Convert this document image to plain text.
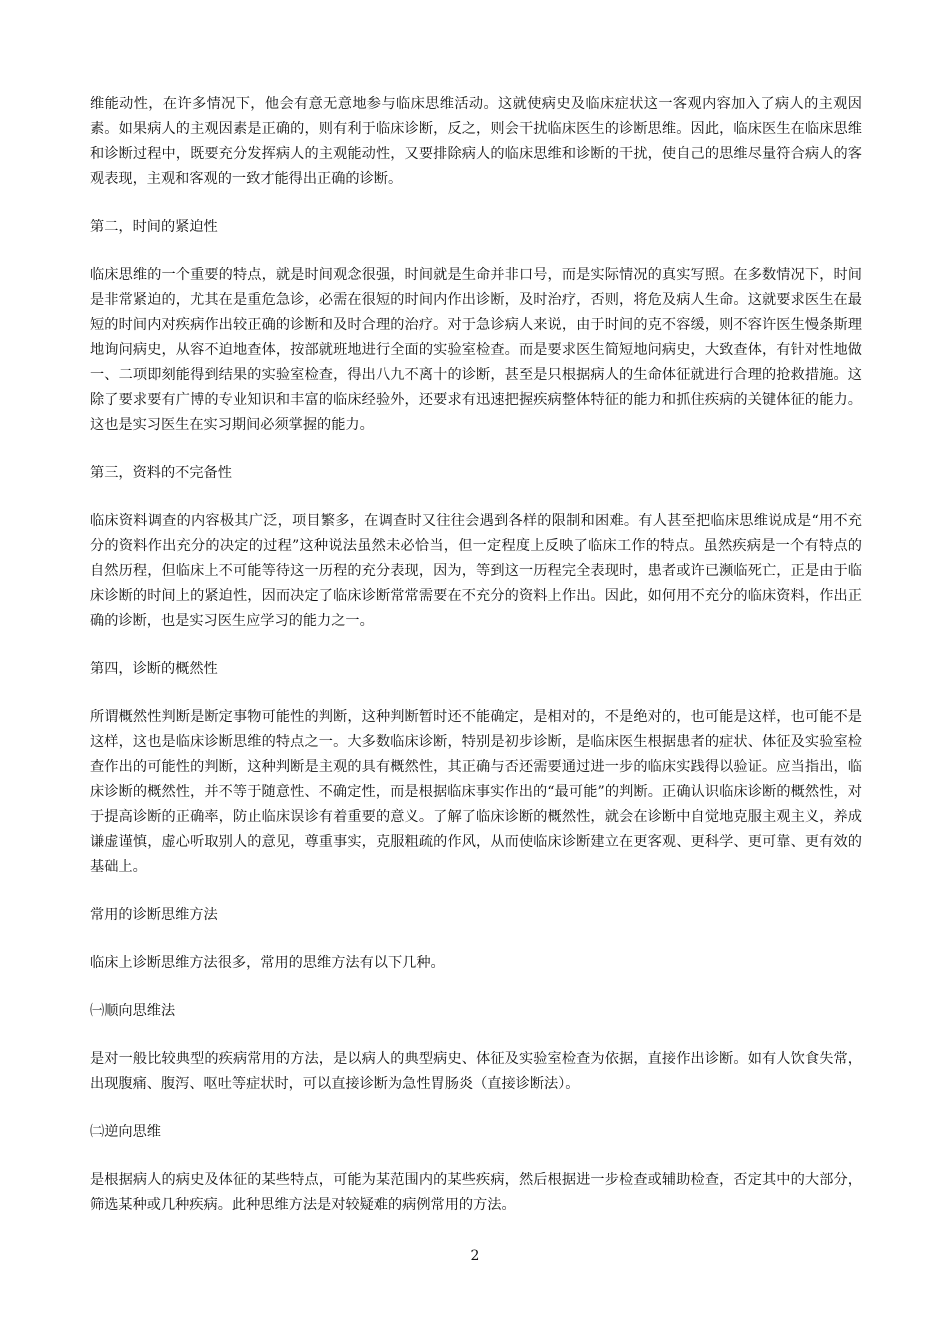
维能动性，在许多情况下，他会有意无意地参与临床思维活动。这就使病史及临床症状这一客观内容加入了病人的主观因素。如果病人的主观因素是正确的，则有利于临床诊断，反之，则会干扰临床医生的诊断思维。因此，临床医生在临床思维和诊断过程中，既要充分发挥病人的主观能动性，又要排除病人的临床思维和诊断的干扰，使自己的思维尽量符合病人的客观表现，主观和客观的一致才能得出正确的诊断。

第二，时间的紧迫性

临床思维的一个重要的特点，就是时间观念很强，时间就是生命并非口号，而是实际情况的真实写照。在多数情况下，时间是非常紧迫的，尤其在是重危急诊，必需在很短的时间内作出诊断，及时治疗，否则，将危及病人生命。这就要求医生在最短的时间内对疾病作出较正确的诊断和及时合理的治疗。对于急诊病人来说，由于时间的克不容缓，则不容许医生慢条斯理地询问病史，从容不迫地查体，按部就班地进行全面的实验室检查。而是要求医生简短地问病史，大致查体，有针对性地做一、二项即刻能得到结果的实验室检查，得出八九不离十的诊断，甚至是只根据病人的生命体征就进行合理的抢救措施。这除了要求要有广博的专业知识和丰富的临床经验外，还要求有迅速把握疾病整体特征的能力和抓住疾病的关键体征的能力。这也是实习医生在实习期间必须掌握的能力。

第三，资料的不完备性

临床资料调查的内容极其广泛，项目繁多，在调查时又往往会遇到各样的限制和困难。有人甚至把临床思维说成是“用不充分的资料作出充分的决定的过程”这种说法虽然未必恰当，但一定程度上反映了临床工作的特点。虽然疾病是一个有特点的自然历程，但临床上不可能等待这一历程的充分表现，因为，等到这一历程完全表现时，患者或许已濒临死亡，正是由于临床诊断的时间上的紧迫性，因而决定了临床诊断常常需要在不充分的资料上作出。因此，如何用不充分的临床资料，作出正确的诊断，也是实习医生应学习的能力之一。

第四，诊断的概然性

所谓概然性判断是断定事物可能性的判断，这种判断暂时还不能确定，是相对的，不是绝对的，也可能是这样，也可能不是这样，这也是临床诊断思维的特点之一。大多数临床诊断，特别是初步诊断，是临床医生根据患者的症状、体征及实验室检查作出的可能性的判断，这种判断是主观的具有概然性，其正确与否还需要通过进一步的临床实践得以验证。应当指出，临床诊断的概然性，并不等于随意性、不确定性，而是根据临床事实作出的“最可能”的判断。正确认识临床诊断的概然性，对于提高诊断的正确率，防止临床误诊有着重要的意义。了解了临床诊断的概然性，就会在诊断中自觉地克服主观主义，养成谦虚谨慎，虚心听取别人的意见，尊重事实，克服粗疏的作风，从而使临床诊断建立在更客观、更科学、更可靠、更有效的基础上。

常用的诊断思维方法

临床上诊断思维方法很多，常用的思维方法有以下几种。

㈠顺向思维法

是对一般比较典型的疾病常用的方法，是以病人的典型病史、体征及实验室检查为依据，直接作出诊断。如有人饮食失常，出现腹痛、腹泻、呕吐等症状时，可以直接诊断为急性胃肠炎（直接诊断法）。

㈡逆向思维

是根据病人的病史及体征的某些特点，可能为某范围内的某些疾病，然后根据进一步检查或辅助检查，否定其中的大部分，筛选某种或几种疾病。此种思维方法是对较疑难的病例常用的方法。

2
